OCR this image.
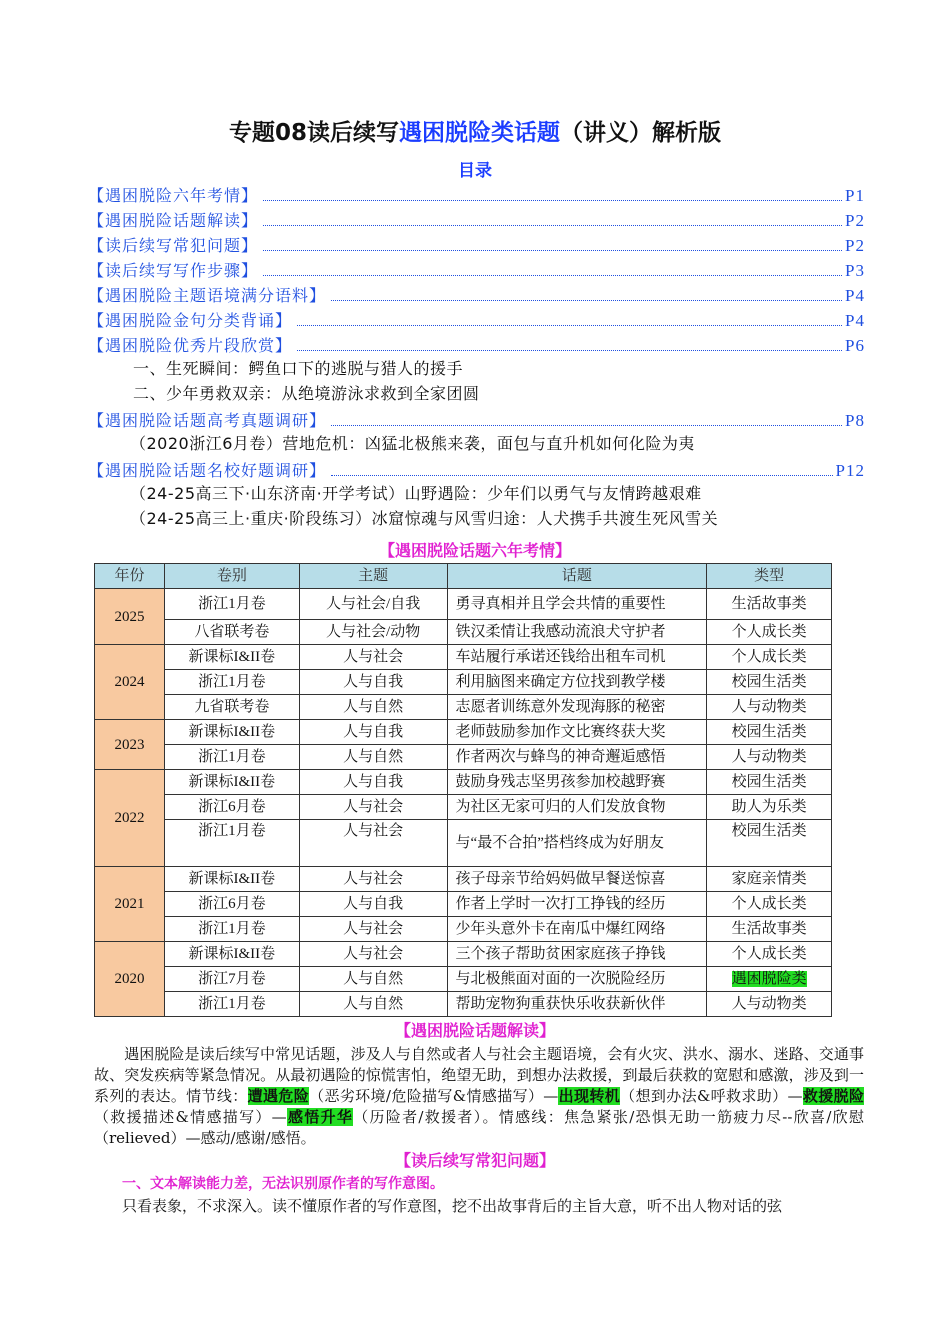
专题08读后续写遇困脱险类话题（讲义）解析版
目录
【遇困脱险六年考情】	P1
【遇困脱险话题解读】	P2
【读后续写常犯问题】	P2
【读后续写写作步骤】	P3
【遇困脱险主题语境满分语料】	P4
【遇困脱险金句分类背诵】	P4
【遇困脱险优秀片段欣赏】	P6
一、生死瞬间：鳄鱼口下的逃脱与猎人的援手
二、少年勇救双亲：从绝境游泳求救到全家团圆
【遇困脱险话题高考真题调研】	P8
（2020浙江6月卷）营地危机：凶猛北极熊来袭，面包与直升机如何化险为夷
【遇困脱险话题名校好题调研】	P12
（24-25高三下·山东济南·开学考试）山野遇险：少年们以勇气与友情跨越艰难
（24-25高三上·重庆·阶段练习）冰窟惊魂与风雪归途：人犬携手共渡生死风雪关
【遇困脱险话题六年考情】
年份	卷别	主题	话题	类型
2025	浙江1月卷	人与社会/自我	勇寻真相并且学会共情的重要性	生活故事类
	八省联考卷	人与社会/动物	铁汉柔情让我感动流浪犬守护者	个人成长类
2024	新课标I&II卷	人与社会	车站履行承诺还钱给出租车司机	个人成长类
	浙江1月卷	人与自我	利用脑图来确定方位找到教学楼	校园生活类
	九省联考卷	人与自然	志愿者训练意外发现海豚的秘密	人与动物类
2023	新课标I&II卷	人与自我	老师鼓励参加作文比赛终获大奖	校园生活类
	浙江1月卷	人与自然	作者两次与蜂鸟的神奇邂逅感悟	人与动物类
2022	新课标I&II卷	人与自我	鼓励身残志坚男孩参加校越野赛	校园生活类
	浙江6月卷	人与社会	为社区无家可归的人们发放食物	助人为乐类
	浙江1月卷	人与社会	与“最不合拍”搭档终成为好朋友	校园生活类
2021	新课标I&II卷	人与社会	孩子母亲节给妈妈做早餐送惊喜	家庭亲情类
	浙江6月卷	人与自我	作者上学时一次打工挣钱的经历	个人成长类
	浙江1月卷	人与社会	少年头意外卡在南瓜中爆红网络	生活故事类
2020	新课标I&II卷	人与社会	三个孩子帮助贫困家庭孩子挣钱	个人成长类
	浙江7月卷	人与自然	与北极熊面对面的一次脱险经历	遇困脱险类
	浙江1月卷	人与自然	帮助宠物狗重获快乐收获新伙伴	人与动物类
【遇困脱险话题解读】
遇困脱险是读后续写中常见话题，涉及人与自然或者人与社会主题语境，会有火灾、洪水、溺水、迷路、交通事故、突发疾病等紧急情况。从最初遇险的惊慌害怕，绝望无助，到想办法救援，到最后获救的宽慰和感激，涉及到一系列的表达。情节线：遭遇危险（恶劣环境/危险描写&情感描写）—出现转机（想到办法&呼救求助）—救援脱险（救援描述&情感描写）—感悟升华（历险者/救援者）。情感线：焦急紧张/恐惧无助一筋疲力尽--欣喜/欣慰（relieved）—感动/感谢/感悟。
【读后续写常犯问题】
一、文本解读能力差，无法识别原作者的写作意图。
只看表象，不求深入。读不懂原作者的写作意图，挖不出故事背后的主旨大意，听不出人物对话的弦
